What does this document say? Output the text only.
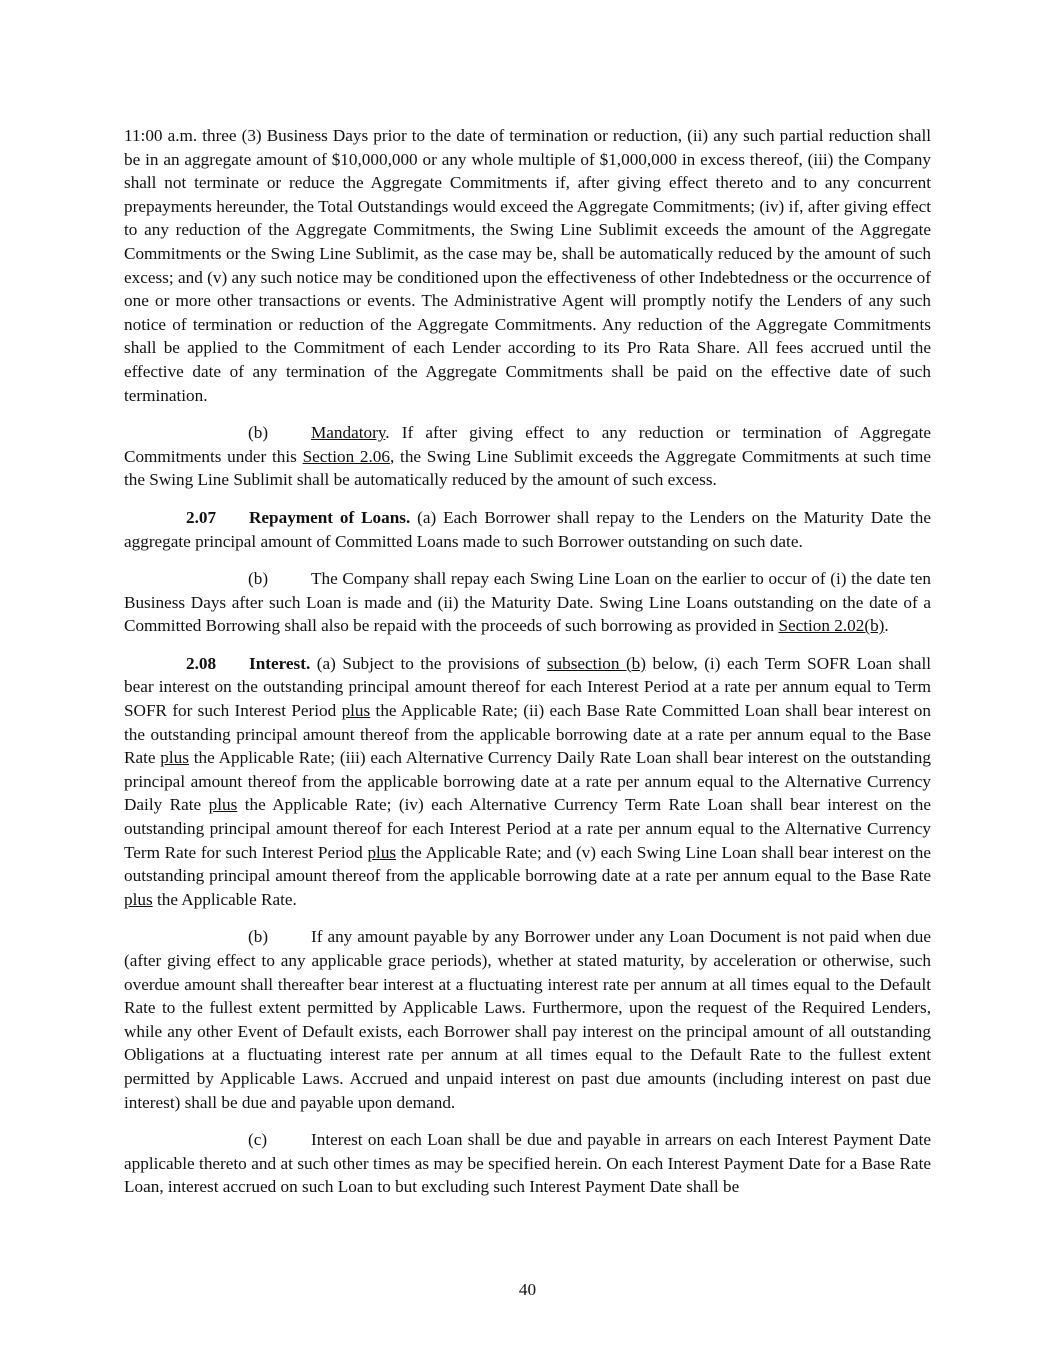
11:00 a.m. three (3) Business Days prior to the date of termination or reduction, (ii) any such partial reduction shall be in an aggregate amount of $10,000,000 or any whole multiple of $1,000,000 in excess thereof, (iii) the Company shall not terminate or reduce the Aggregate Commitments if, after giving effect thereto and to any concurrent prepayments hereunder, the Total Outstandings would exceed the Aggregate Commitments; (iv) if, after giving effect to any reduction of the Aggregate Commitments, the Swing Line Sublimit exceeds the amount of the Aggregate Commitments or the Swing Line Sublimit, as the case may be, shall be automatically reduced by the amount of such excess; and (v) any such notice may be conditioned upon the effectiveness of other Indebtedness or the occurrence of one or more other transactions or events. The Administrative Agent will promptly notify the Lenders of any such notice of termination or reduction of the Aggregate Commitments. Any reduction of the Aggregate Commitments shall be applied to the Commitment of each Lender according to its Pro Rata Share. All fees accrued until the effective date of any termination of the Aggregate Commitments shall be paid on the effective date of such termination.

(b) Mandatory. If after giving effect to any reduction or termination of Aggregate Commitments under this Section 2.06, the Swing Line Sublimit exceeds the Aggregate Commitments at such time the Swing Line Sublimit shall be automatically reduced by the amount of such excess.

2.07 Repayment of Loans. (a) Each Borrower shall repay to the Lenders on the Maturity Date the aggregate principal amount of Committed Loans made to such Borrower outstanding on such date.

(b) The Company shall repay each Swing Line Loan on the earlier to occur of (i) the date ten Business Days after such Loan is made and (ii) the Maturity Date. Swing Line Loans outstanding on the date of a Committed Borrowing shall also be repaid with the proceeds of such borrowing as provided in Section 2.02(b).

2.08 Interest. (a) Subject to the provisions of subsection (b) below, (i) each Term SOFR Loan shall bear interest on the outstanding principal amount thereof for each Interest Period at a rate per annum equal to Term SOFR for such Interest Period plus the Applicable Rate; (ii) each Base Rate Committed Loan shall bear interest on the outstanding principal amount thereof from the applicable borrowing date at a rate per annum equal to the Base Rate plus the Applicable Rate; (iii) each Alternative Currency Daily Rate Loan shall bear interest on the outstanding principal amount thereof from the applicable borrowing date at a rate per annum equal to the Alternative Currency Daily Rate plus the Applicable Rate; (iv) each Alternative Currency Term Rate Loan shall bear interest on the outstanding principal amount thereof for each Interest Period at a rate per annum equal to the Alternative Currency Term Rate for such Interest Period plus the Applicable Rate; and (v) each Swing Line Loan shall bear interest on the outstanding principal amount thereof from the applicable borrowing date at a rate per annum equal to the Base Rate plus the Applicable Rate.

(b) If any amount payable by any Borrower under any Loan Document is not paid when due (after giving effect to any applicable grace periods), whether at stated maturity, by acceleration or otherwise, such overdue amount shall thereafter bear interest at a fluctuating interest rate per annum at all times equal to the Default Rate to the fullest extent permitted by Applicable Laws. Furthermore, upon the request of the Required Lenders, while any other Event of Default exists, each Borrower shall pay interest on the principal amount of all outstanding Obligations at a fluctuating interest rate per annum at all times equal to the Default Rate to the fullest extent permitted by Applicable Laws. Accrued and unpaid interest on past due amounts (including interest on past due interest) shall be due and payable upon demand.

(c)	Interest on each Loan shall be due and payable in arrears on each Interest Payment Date applicable thereto and at such other times as may be specified herein. On each Interest Payment Date for a Base Rate Loan, interest accrued on such Loan to but excluding such Interest Payment Date shall be

40
